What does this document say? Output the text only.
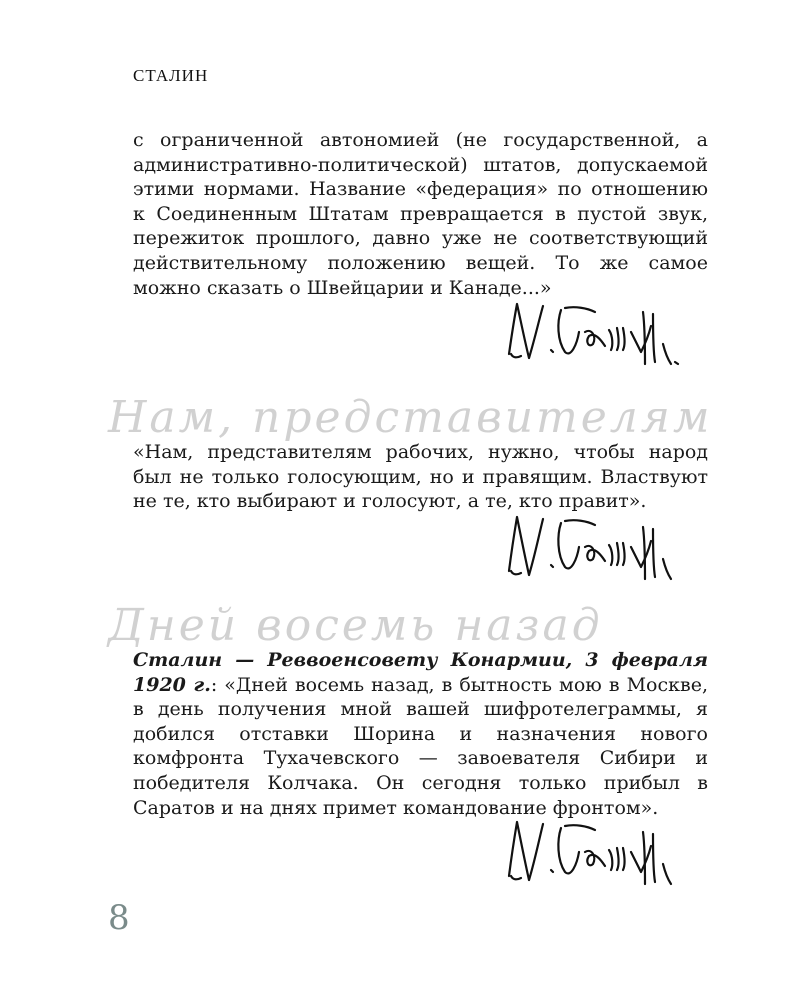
СТАЛИН

с ограниченной автономией (не государственной, а административно-политической) штатов, допускаемой этими нормами. Название «федерация» по отношению к Соединенным Штатам превращается в пустой звук, пережиток прошлого, давно уже не соответствующий действительному положению вещей. То же самое можно сказать о Швейцарии и Канаде...»

Нам, представителям

«Нам, представителям рабочих, нужно, чтобы народ был не только голосующим, но и правящим. Властвуют не те, кто выбирают и голосуют, а те, кто правит».

Дней восемь назад

Сталин — Реввоенсовету Конармии, 3 февраля 1920 г.: «Дней восемь назад, в бытность мою в Москве, в день получения мной вашей шифротелеграммы, я добился отставки Шорина и назначения нового комфронта Тухачевского — завоевателя Сибири и победителя Колчака. Он сегодня только прибыл в Саратов и на днях примет командование фронтом».

8
